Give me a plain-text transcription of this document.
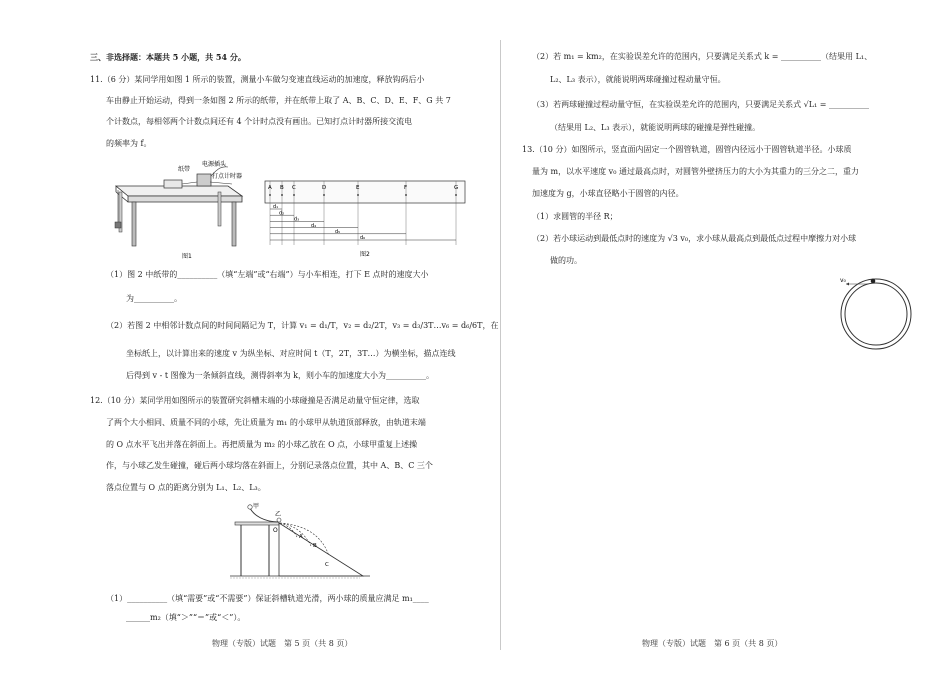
三、非选择题：本题共 5 小题，共 54 分。
11.（6 分）某同学用如图 1 所示的装置，测量小车做匀变速直线运动的加速度，释放钩码后小
车由静止开始运动，得到一条如图 2 所示的纸带，并在纸带上取了 A、B、C、D、E、F、G 共 7
个计数点，每相邻两个计数点间还有 4 个计时点没有画出。已知打点计时器所接交流电
的频率为 f。
纸带
电源插头
打点计时器
图1
A B C	D	E	F	G
d₁
d₂
d₃
d₄
d₅
d₆
图2
（1）图 2 中纸带的__________（填“左端”或“右端”）与小车相连，打下 E 点时的速度大小
为__________。
（2）若图 2 中相邻计数点间的时间间隔记为 T，计算 v₁ = d₁/T，v₂ = d₂/2T，v₃ = d₃/3T…v₆ = d₆/6T，在
坐标纸上，以计算出来的速度 v 为纵坐标、对应时间 t（T，2T，3T…）为横坐标，描点连线
后得到 v - t 图像为一条倾斜直线，测得斜率为 k，则小车的加速度大小为__________。
12.（10 分）某同学用如图所示的装置研究斜槽末端的小球碰撞是否满足动量守恒定律，选取
了两个大小相同、质量不同的小球，先让质量为 m₁ 的小球甲从轨道顶部释放，由轨道末端
的 O 点水平飞出并落在斜面上。再把质量为 m₂ 的小球乙放在 O 点，小球甲重复上述操
作，与小球乙发生碰撞，碰后两小球均落在斜面上，分别记录落点位置，其中 A、B、C 三个
落点位置与 O 点的距离分别为 L₁、L₂、L₃。
甲
乙
O
A
B
C
（1）__________（填“需要”或“不需要”）保证斜槽轨道光滑，两小球的质量应满足 m₁____
______m₂（填“＞”“＝”或“＜”）。
物理（专版）试题　第 5 页（共 8 页）
（2）若 m₁ = km₂，在实验误差允许的范围内，只要满足关系式 k = __________（结果用 L₁、
L₂、L₃ 表示），就能说明两球碰撞过程动量守恒。
（3）若两球碰撞过程动量守恒，在实验误差允许的范围内，只要满足关系式 √L₁ = __________
（结果用 L₂、L₃ 表示），就能说明两球的碰撞是弹性碰撞。
13.（10 分）如图所示，竖直面内固定一个圆管轨道，圆管内径远小于圆管轨道半径。小球质
量为 m，以水平速度 v₀ 通过最高点时，对圆管外壁挤压力的大小为其重力的三分之二，重力
加速度为 g，小球直径略小于圆管的内径。
（1）求圆管的半径 R；
（2）若小球运动到最低点时的速度为 √3 v₀，求小球从最高点到最低点过程中摩擦力对小球
做的功。
v₀
物理（专版）试题　第 6 页（共 8 页）
